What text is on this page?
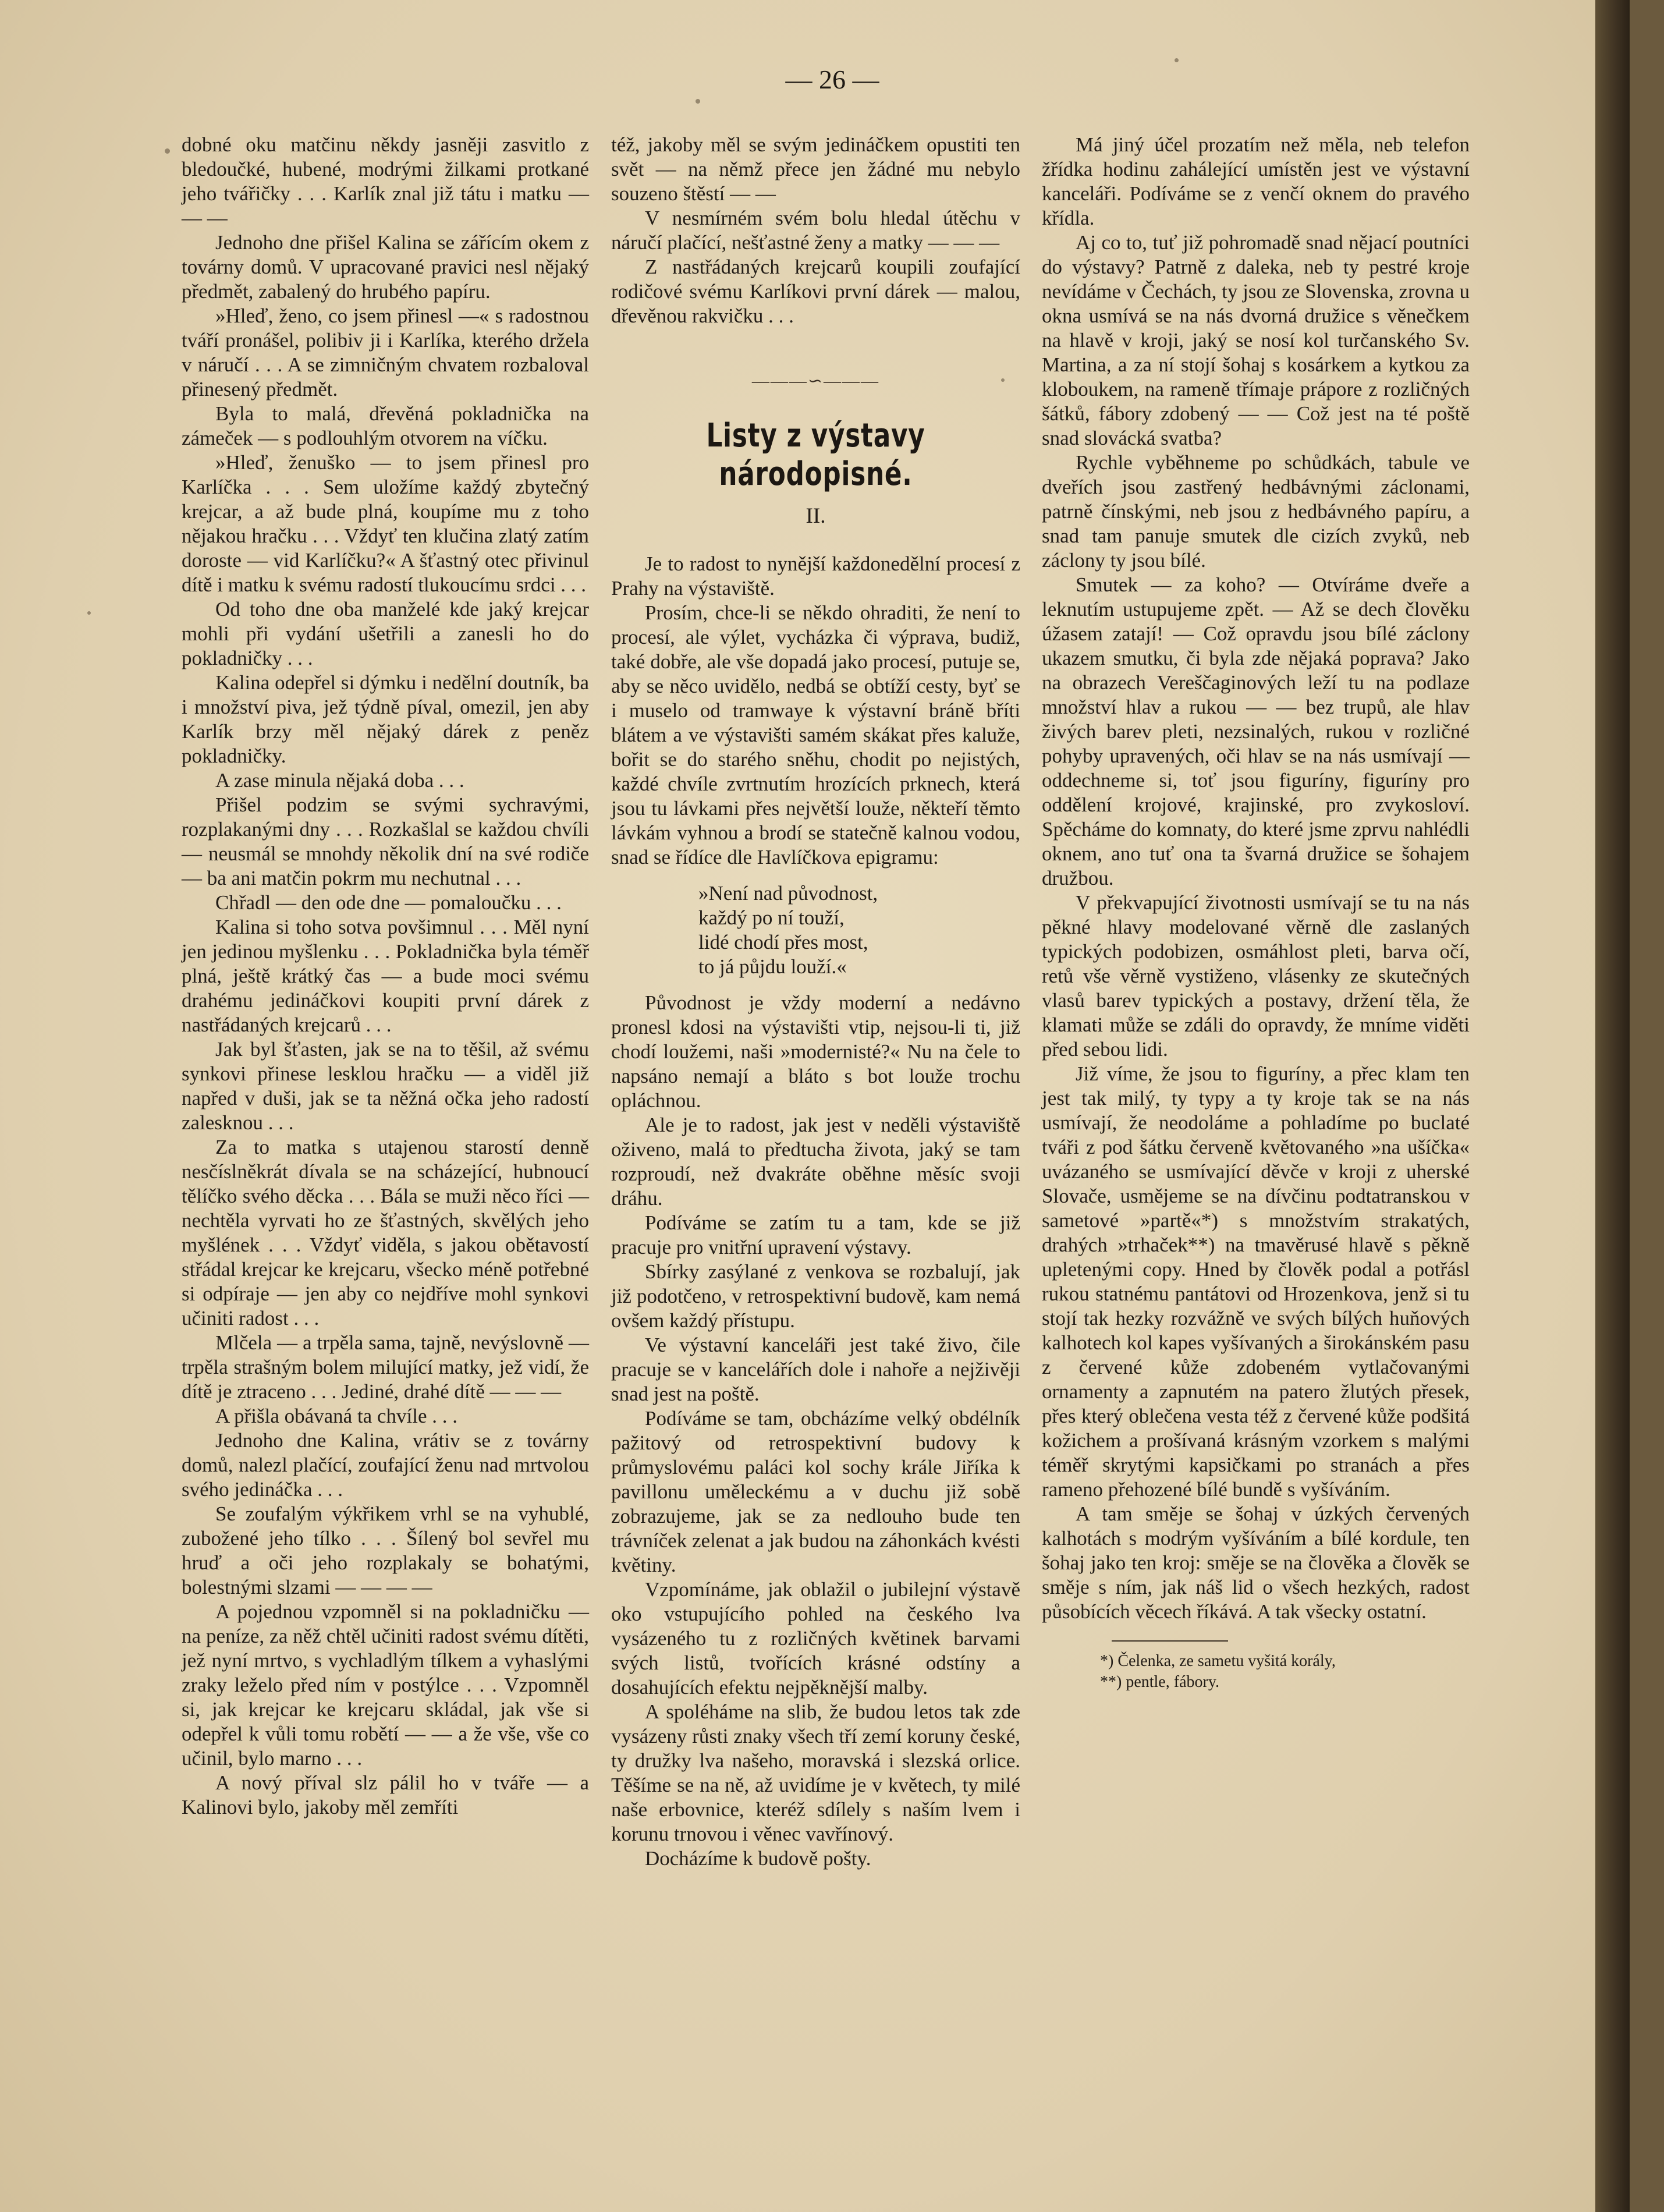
— 26 —

dobné oku matčinu někdy jasněji zasvitlo z bledoučké, hubené, modrými žilkami protkané jeho tvářičky . . . Karlík znal již tátu i matku — — —

Jednoho dne přišel Kalina se zářícím okem z továrny domů. V upracované pravici nesl nějaký předmět, zabalený do hrubého papíru.

»Hleď, ženo, co jsem přinesl —« s radostnou tváří pronášel, polibiv ji i Karlíka, kterého držela v náručí . . . A se zimničným chvatem rozbaloval přinesený předmět.

Byla to malá, dřevěná pokladnička na zámeček — s podlouhlým otvorem na víčku.

»Hleď, ženuško — to jsem přinesl pro Karlíčka . . . Sem uložíme každý zbytečný krejcar, a až bude plná, koupíme mu z toho nějakou hračku . . . Vždyť ten klučina zlatý zatím doroste — vid Karlíčku?« A šťastný otec přivinul dítě i matku k svému radostí tlukoucímu srdci . . .

Od toho dne oba manželé kde jaký krejcar mohli při vydání ušetřili a zanesli ho do pokladničky . . .

Kalina odepřel si dýmku i nedělní doutník, ba i množství piva, jež týdně píval, omezil, jen aby Karlík brzy měl nějaký dárek z peněz pokladničky.

A zase minula nějaká doba . . .

Přišel podzim se svými sychravými, rozplakanými dny . . . Rozkašlal se každou chvíli — neusmál se mnohdy několik dní na své rodiče — ba ani matčin pokrm mu nechutnal . . .

Chřadl — den ode dne — pomaloučku . . .

Kalina si toho sotva povšimnul . . . Měl nyní jen jedinou myšlenku . . . Pokladnička byla téměř plná, ještě krátký čas — a bude moci svému drahému jedináčkovi koupiti první dárek z nastřádaných krejcarů . . .

Jak byl šťasten, jak se na to těšil, až svému synkovi přinese lesklou hračku — a viděl již napřed v duši, jak se ta něžná očka jeho radostí zalesknou . . .

Za to matka s utajenou starostí denně nesčíslněkrát dívala se na scházející, hubnoucí tělíčko svého děcka . . . Bála se muži něco říci — nechtěla vyrvati ho ze šťastných, skvělých jeho myšlének . . . Vždyť viděla, s jakou obětavostí střádal krejcar ke krejcaru, všecko méně potřebné si odpíraje — jen aby co nejdříve mohl synkovi učiniti radost . . .

Mlčela — a trpěla sama, tajně, nevýslovně — trpěla strašným bolem milující matky, jež vidí, že dítě je ztraceno . . . Jediné, drahé dítě — — —

A přišla obávaná ta chvíle . . .

Jednoho dne Kalina, vrátiv se z továrny domů, nalezl plačící, zoufající ženu nad mrtvolou svého jedináčka . . .

Se zoufalým výkřikem vrhl se na vyhublé, zubožené jeho tílko . . . Šílený bol sevřel mu hruď a oči jeho rozplakaly se bohatými, bolestnými slzami — — — —

A pojednou vzpomněl si na pokladničku — na peníze, za něž chtěl učiniti radost svému dítěti, jež nyní mrtvo, s vychladlým tílkem a vyhaslými zraky leželo před ním v postýlce . . . Vzpomněl si, jak krejcar ke krejcaru skládal, jak vše si odepřel k vůli tomu robětí — — a že vše, vše co učinil, bylo marno . . .

A nový příval slz pálil ho v tváře — a Kalinovi bylo, jakoby měl zemříti

též, jakoby měl se svým jedináčkem opustiti ten svět — na němž přece jen žádné mu nebylo souzeno štěstí — —

V nesmírném svém bolu hledal útěchu v náručí plačící, nešťastné ženy a matky — — —

Z nastřádaných krejcarů koupili zoufající rodičové svému Karlíkovi první dárek — malou, dřevěnou rakvičku . . .

———∽———
Listy z výstavy národopisné.
II.

Je to radost to nynější každonedělní procesí z Prahy na výstaviště.

Prosím, chce-li se někdo ohraditi, že není to procesí, ale výlet, vycházka či výprava, budiž, také dobře, ale vše dopadá jako procesí, putuje se, aby se něco uvidělo, nedbá se obtíží cesty, byť se i muselo od tramwaye k výstavní bráně bříti blátem a ve výstavišti samém skákat přes kaluže, bořit se do starého sněhu, chodit po nejistých, každé chvíle zvrtnutím hrozících prknech, která jsou tu lávkami přes největší louže, někteří těmto lávkám vyhnou a brodí se statečně kalnou vodou, snad se řídíce dle Havlíčkova epigramu:

»Není nad původnost,
každý po ní touží,
lidé chodí přes most,
to já půjdu louží.«

Původnost je vždy moderní a nedávno pronesl kdosi na výstavišti vtip, nejsou-li ti, již chodí loužemi, naši »modernisté?« Nu na čele to napsáno nemají a bláto s bot louže trochu opláchnou.

Ale je to radost, jak jest v neděli výstaviště oživeno, malá to předtucha života, jaký se tam rozproudí, než dvakráte oběhne měsíc svoji dráhu.

Podíváme se zatím tu a tam, kde se již pracuje pro vnitřní upravení výstavy.

Sbírky zasýlané z venkova se rozbalují, jak již podotčeno, v retrospektivní budově, kam nemá ovšem každý přístupu.

Ve výstavní kanceláři jest také živo, čile pracuje se v kancelářích dole i nahoře a nejživěji snad jest na poště.

Podíváme se tam, obcházíme velký obdélník pažitový od retrospektivní budovy k průmyslovému paláci kol sochy krále Jiříka k pavillonu uměleckému a v duchu již sobě zobrazujeme, jak se za nedlouho bude ten trávníček zelenat a jak budou na záhonkách kvésti květiny.

Vzpomínáme, jak oblažil o jubilejní výstavě oko vstupujícího pohled na českého lva vysázeného tu z rozličných květinek barvami svých listů, tvořících krásné odstíny a dosahujících efektu nejpěknější malby.

A spoléháme na slib, že budou letos tak zde vysázeny růsti znaky všech tří zemí koruny české, ty družky lva našeho, moravská i slezská orlice. Těšíme se na ně, až uvidíme je v květech, ty milé naše erbovnice, kteréž sdílely s naším lvem i korunu trnovou i věnec vavřínový.

Docházíme k budově pošty.

Má jiný účel prozatím než měla, neb telefon žřídka hodinu zahálející umístěn jest ve výstavní kanceláři. Podíváme se z venčí oknem do pravého křídla.

Aj co to, tuť již pohromadě snad nějací poutníci do výstavy? Patrně z daleka, neb ty pestré kroje nevídáme v Čechách, ty jsou ze Slovenska, zrovna u okna usmívá se na nás dvorná družice s věnečkem na hlavě v kroji, jaký se nosí kol turčanského Sv. Martina, a za ní stojí šohaj s kosárkem a kytkou za kloboukem, na rameně třímaje prápore z rozličných šátků, fábory zdobený — — Což jest na té poště snad slovácká svatba?

Rychle vyběhneme po schůdkách, tabule ve dveřích jsou zastřený hedbávnými záclonami, patrně čínskými, neb jsou z hedbávného papíru, a snad tam panuje smutek dle cizích zvyků, neb záclony ty jsou bílé.

Smutek — za koho? — Otvíráme dveře a leknutím ustupujeme zpět. — Až se dech člověku úžasem zatají! — Což opravdu jsou bílé záclony ukazem smutku, či byla zde nějaká poprava? Jako na obrazech Vereščaginových leží tu na podlaze množství hlav a rukou — — bez trupů, ale hlav živých barev pleti, nezsinalých, rukou v rozličné pohyby upravených, oči hlav se na nás usmívají — oddechneme si, toť jsou figuríny, figuríny pro oddělení krojové, krajinské, pro zvykosloví. Spěcháme do komnaty, do které jsme zprvu nahlédli oknem, ano tuť ona ta švarná družice se šohajem družbou.

V překvapující životnosti usmívají se tu na nás pěkné hlavy modelované věrně dle zaslaných typických podobizen, osmáhlost pleti, barva očí, retů vše věrně vystiženo, vlásenky ze skutečných vlasů barev typických a postavy, držení těla, že klamati může se zdáli do opravdy, že mníme viděti před sebou lidi.

Již víme, že jsou to figuríny, a přec klam ten jest tak milý, ty typy a ty kroje tak se na nás usmívají, že neodoláme a pohladíme po buclaté tváři z pod šátku červeně květovaného »na ušíčka« uvázaného se usmívající děvče v kroji z uherské Slovače, usmějeme se na dívčinu podtatranskou v sametové »partě«*) s množstvím strakatých, drahých »trhaček**) na tmavěrusé hlavě s pěkně upletenými copy. Hned by člověk podal a potřásl rukou statnému pantátovi od Hrozenkova, jenž si tu stojí tak hezky rozvážně ve svých bílých huňových kalhotech kol kapes vyšívaných a širokánském pasu z červené kůže zdobeném vytlačovanými ornamenty a zapnutém na patero žlutých přesek, přes který oblečena vesta též z červené kůže podšitá kožichem a prošívaná krásným vzorkem s malými téměř skrytými kapsičkami po stranách a přes rameno přehozené bílé bundě s vyšíváním.

A tam směje se šohaj v úzkých červených kalhotách s modrým vyšíváním a bílé kordule, ten šohaj jako ten kroj: směje se na člověka a člověk se směje s ním, jak náš lid o všech hezkých, radost působících věcech říkává. A tak všecky ostatní.

*) Čelenka, ze sametu vyšitá korály,

**) pentle, fábory.
